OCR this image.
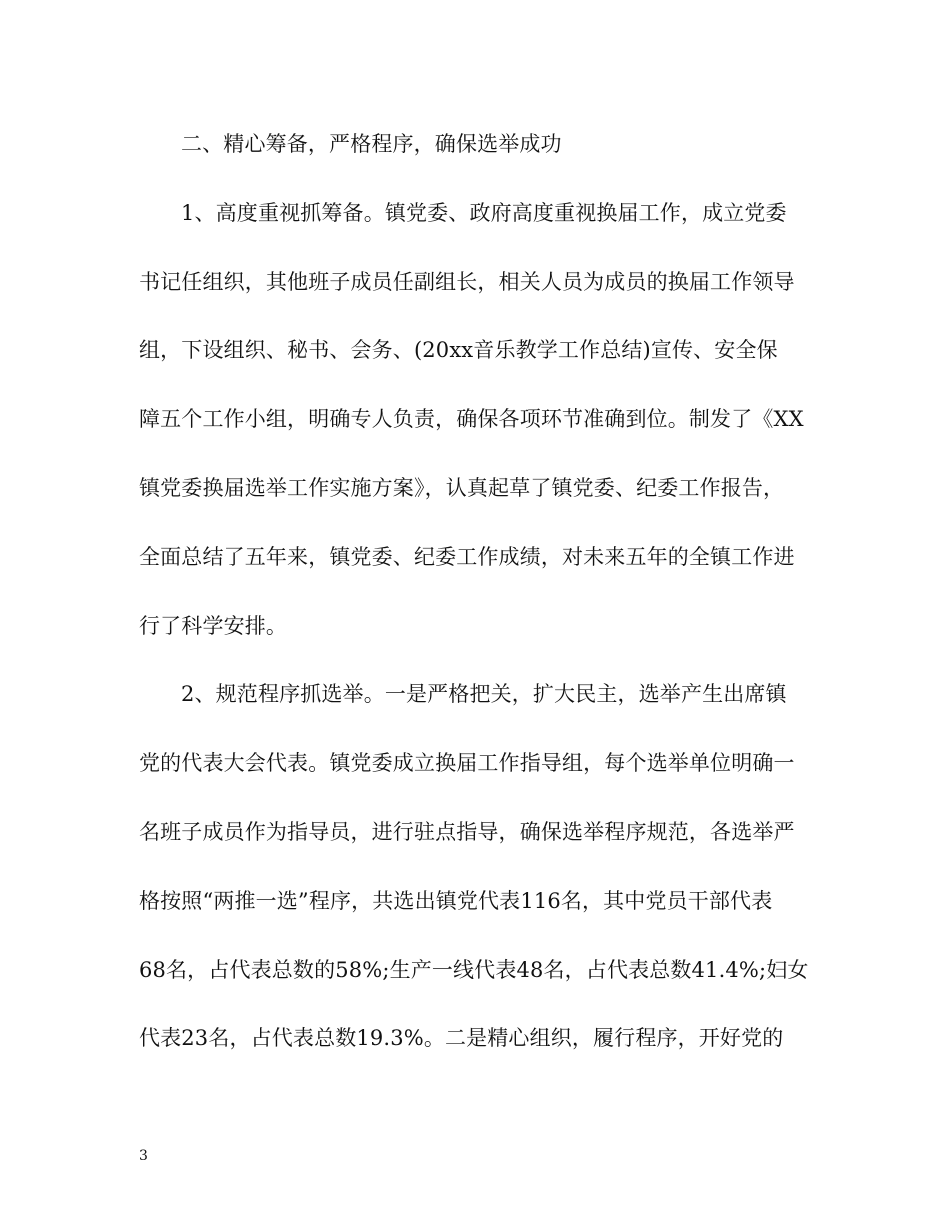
二、精心筹备，严格程序，确保选举成功
1、高度重视抓筹备。镇党委、政府高度重视换届工作，成立党委
书记任组织，其他班子成员任副组长，相关人员为成员的换届工作领导
组，下设组织、秘书、会务、(20xx音乐教学工作总结)宣传、安全保
障五个工作小组，明确专人负责，确保各项环节准确到位。制发了《XX
镇党委换届选举工作实施方案》，认真起草了镇党委、纪委工作报告，
全面总结了五年来，镇党委、纪委工作成绩，对未来五年的全镇工作进
行了科学安排。
2、规范程序抓选举。一是严格把关，扩大民主，选举产生出席镇
党的代表大会代表。镇党委成立换届工作指导组，每个选举单位明确一
名班子成员作为指导员，进行驻点指导，确保选举程序规范，各选举严
格按照“两推一选”程序，共选出镇党代表116名，其中党员干部代表
68名，占代表总数的58%;生产一线代表48名，占代表总数41.4%;妇女
代表23名，占代表总数19.3%。二是精心组织，履行程序，开好党的
3
